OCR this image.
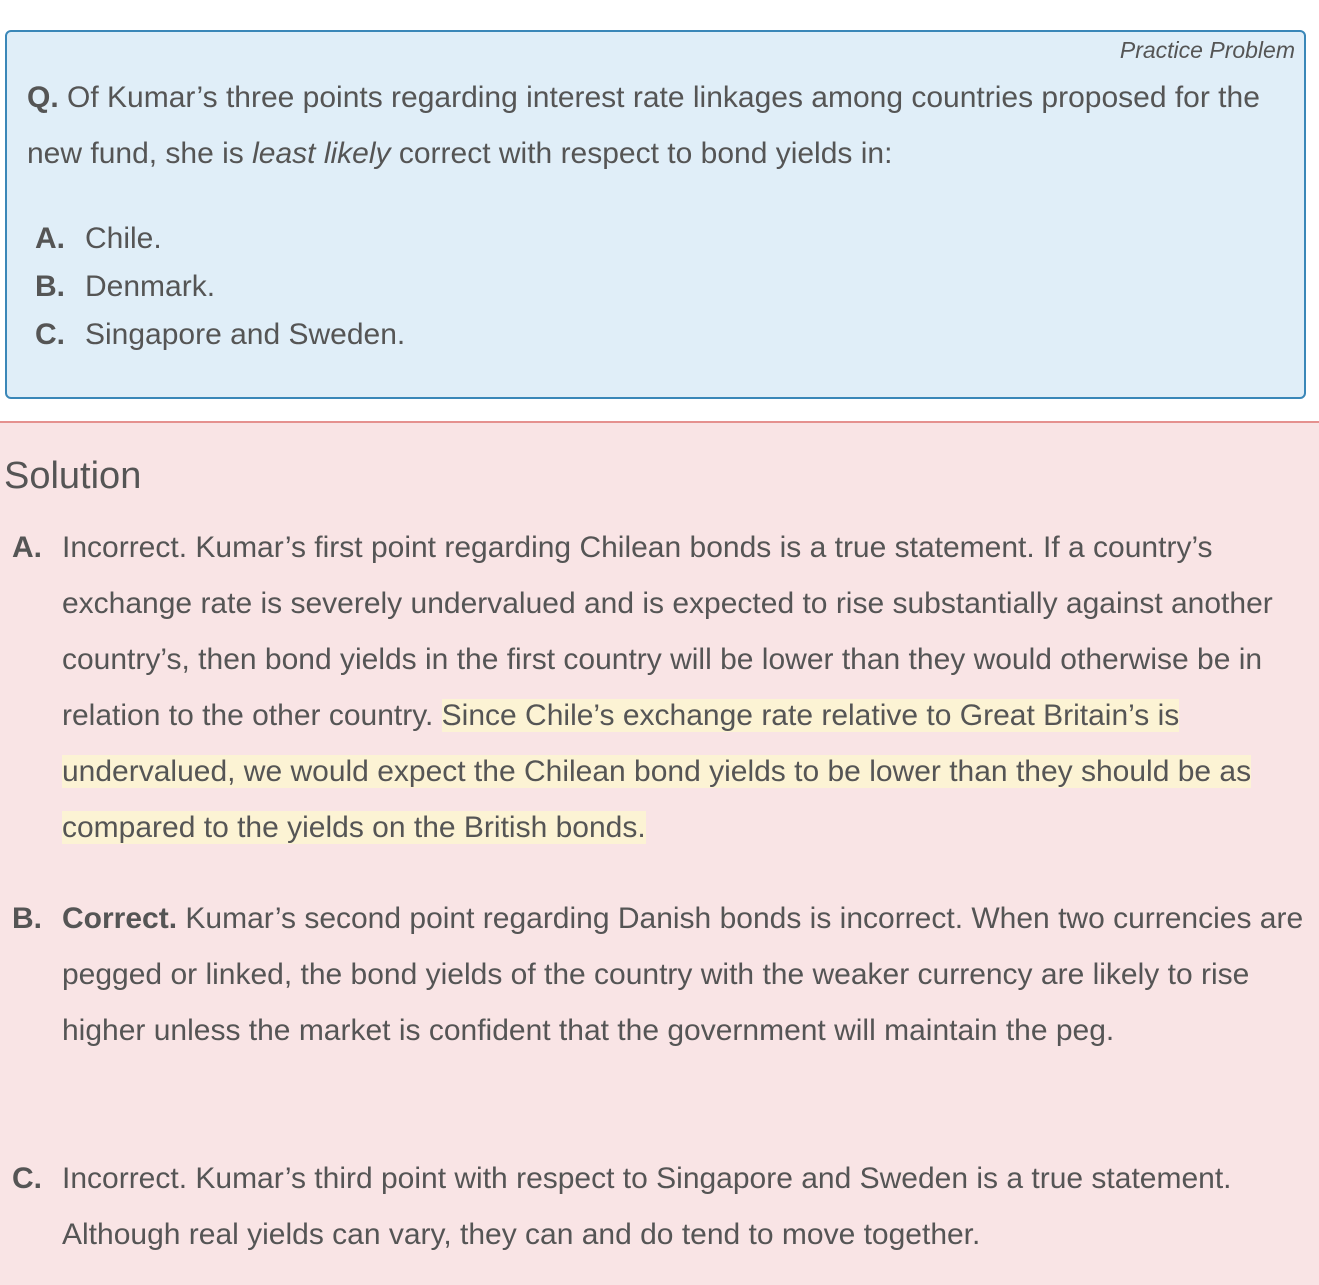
Practice Problem
Q. Of Kumar’s three points regarding interest rate linkages among countries proposed for the new fund, she is least likely correct with respect to bond yields in:
A. Chile.
B. Denmark.
C. Singapore and Sweden.
Solution
A. Incorrect. Kumar’s first point regarding Chilean bonds is a true statement. If a country’s exchange rate is severely undervalued and is expected to rise substantially against another country’s, then bond yields in the first country will be lower than they would otherwise be in relation to the other country. Since Chile’s exchange rate relative to Great Britain’s is undervalued, we would expect the Chilean bond yields to be lower than they should be as compared to the yields on the British bonds.
B. Correct. Kumar’s second point regarding Danish bonds is incorrect. When two currencies are pegged or linked, the bond yields of the country with the weaker currency are likely to rise higher unless the market is confident that the government will maintain the peg.
C. Incorrect. Kumar’s third point with respect to Singapore and Sweden is a true statement. Although real yields can vary, they can and do tend to move together.
